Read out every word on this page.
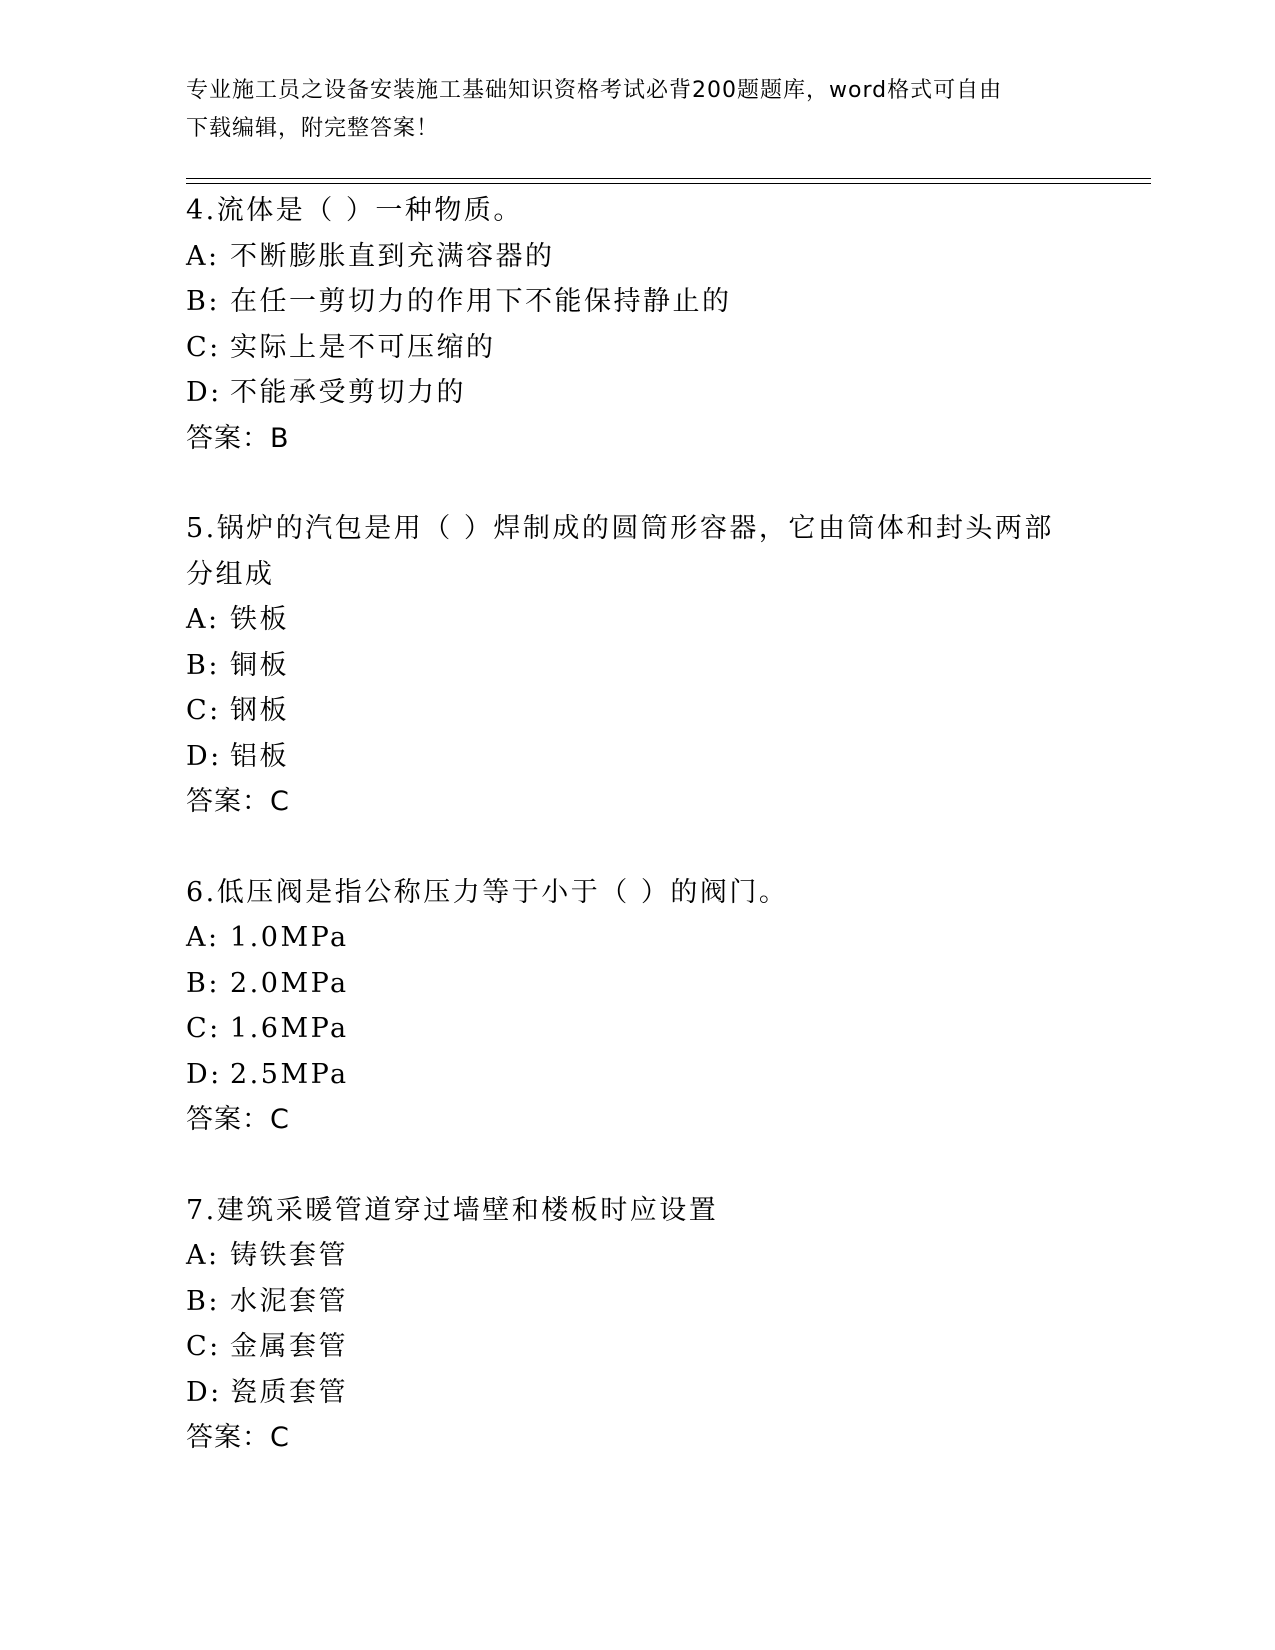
专业施工员之设备安装施工基础知识资格考试必背200题题库，word格式可自由
下载编辑，附完整答案！
4.流体是（ ）一种物质。
A: 不断膨胀直到充满容器的
B: 在任一剪切力的作用下不能保持静止的
C: 实际上是不可压缩的
D: 不能承受剪切力的
答案：B
5.锅炉的汽包是用（ ）焊制成的圆筒形容器，它由筒体和封头两部分组成
A: 铁板
B: 铜板
C: 钢板
D: 铝板
答案：C
6.低压阀是指公称压力等于小于（ ）的阀门。
A: 1.0MPa
B: 2.0MPa
C: 1.6MPa
D: 2.5MPa
答案：C
7.建筑采暖管道穿过墙壁和楼板时应设置
A: 铸铁套管
B: 水泥套管
C: 金属套管
D: 瓷质套管
答案：C
